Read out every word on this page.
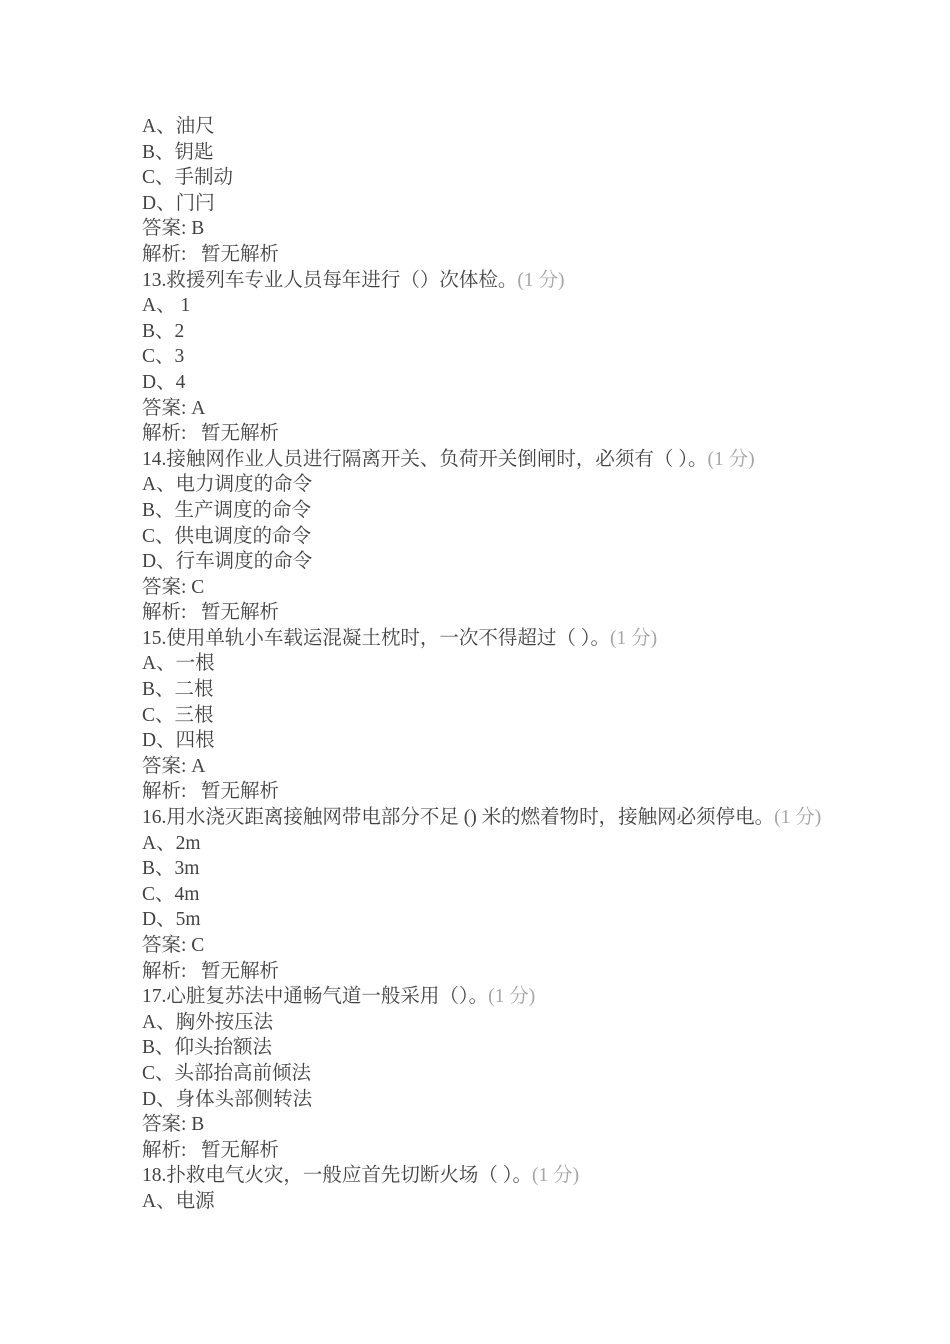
A、油尺
B、钥匙
C、手制动
D、门闩
答案: B
解析:   暂无解析
13.救援列车专业人员每年进行（）次体检。(1 分)
A、 1
B、2
C、3
D、4
答案: A
解析:   暂无解析
14.接触网作业人员进行隔离开关、负荷开关倒闸时，必须有（ ）。(1 分)
A、电力调度的命令
B、生产调度的命令
C、供电调度的命令
D、行车调度的命令
答案: C
解析:   暂无解析
15.使用单轨小车载运混凝土枕时，一次不得超过（ ）。(1 分)
A、一根
B、二根
C、三根
D、四根
答案: A
解析:   暂无解析
16.用水浇灭距离接触网带电部分不足 () 米的燃着物时，接触网必须停电。(1 分)
A、2m
B、3m
C、4m
D、5m
答案: C
解析:   暂无解析
17.心脏复苏法中通畅气道一般采用（）。(1 分)
A、胸外按压法
B、仰头抬额法
C、头部抬高前倾法
D、身体头部侧转法
答案: B
解析:   暂无解析
18.扑救电气火灾，一般应首先切断火场（ ）。(1 分)
A、电源
